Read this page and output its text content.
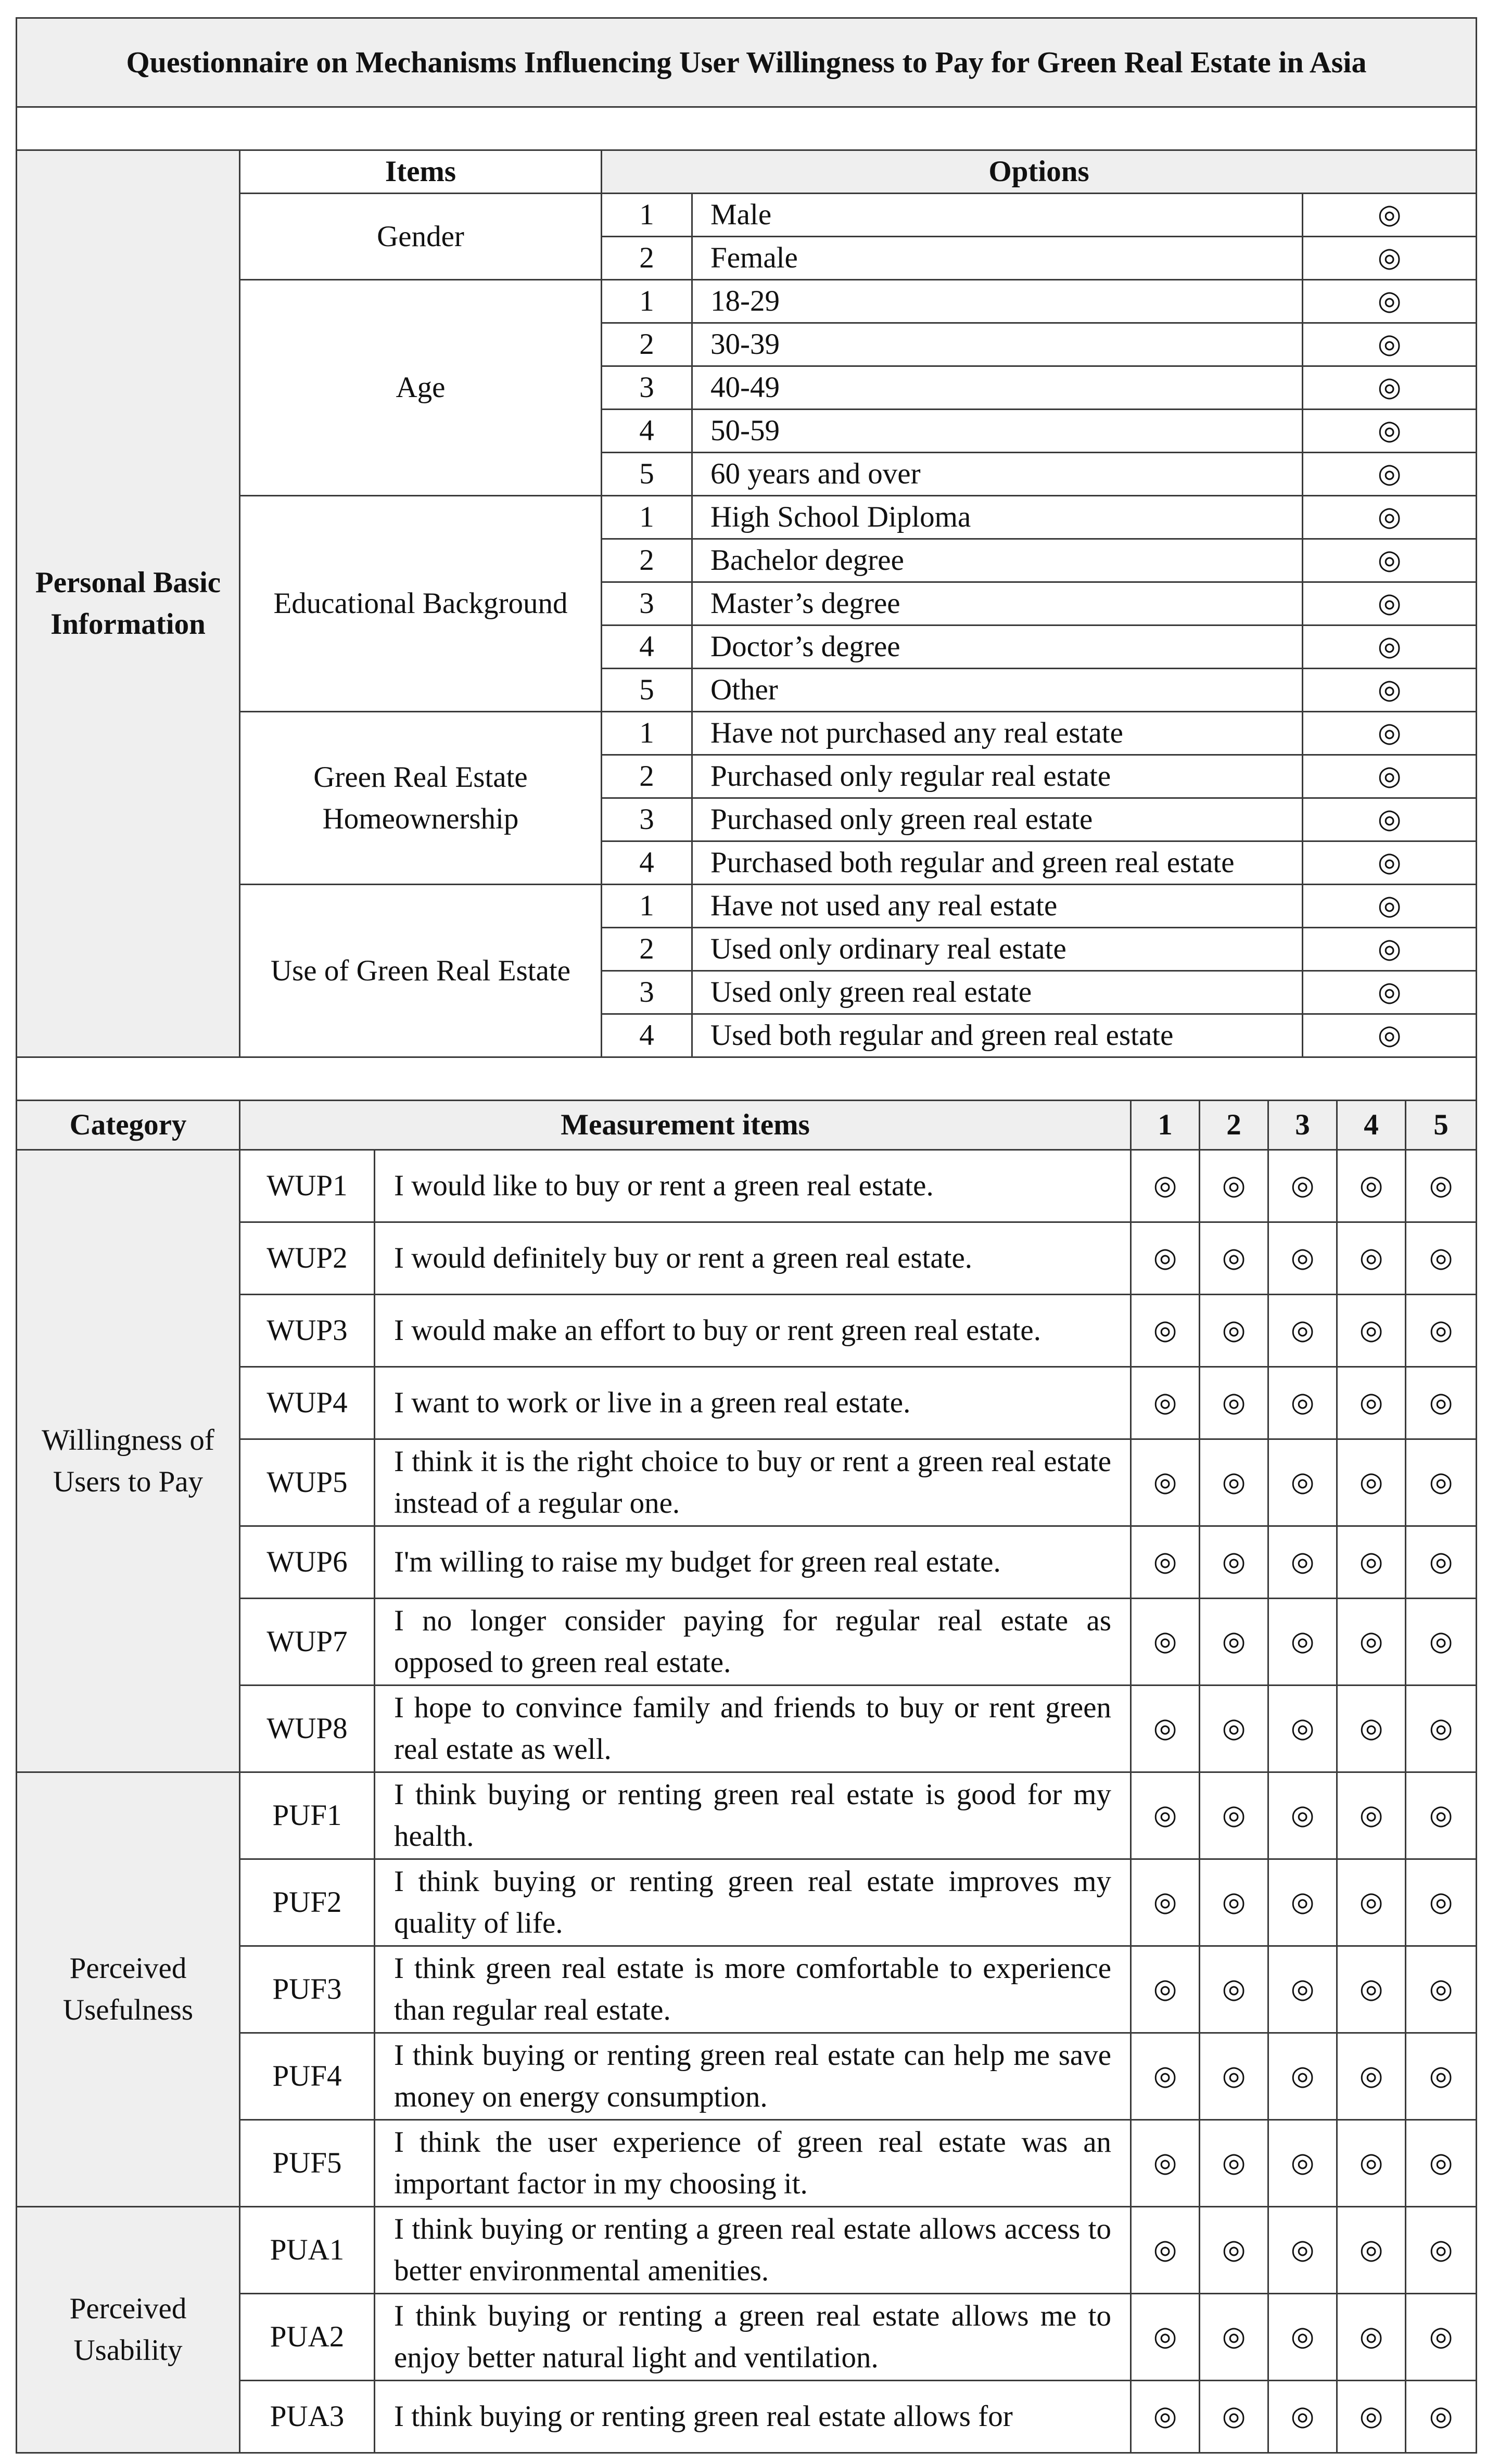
Questionnaire on Mechanisms Influencing User Willingness to Pay for Green Real Estate in Asia				

Personal Basic Information	Items	Options		
	Gender	1	Male	◎
		2	Female	◎
	Age	1	18-29	◎
		2	30-39	◎
		3	40-49	◎
		4	50-59	◎
		5	60 years and over	◎
	Educational Background	1	High School Diploma	◎
		2	Bachelor degree	◎
		3	Master’s degree	◎
		4	Doctor’s degree	◎
		5	Other	◎
	Green Real Estate Homeownership	1	Have not purchased any real estate	◎
		2	Purchased only regular real estate	◎
		3	Purchased only green real estate	◎
		4	Purchased both regular and green real estate	◎
	Use of Green Real Estate	1	Have not used any real estate	◎
		2	Used only ordinary real estate	◎
		3	Used only green real estate	◎
		4	Used both regular and green real estate	◎

Category	Measurement items		1	2	3	4	5
Willingness of Users to Pay	WUP1	I would like to buy or rent a green real estate.	◎	◎	◎	◎	◎
	WUP2	I would definitely buy or rent a green real estate.	◎	◎	◎	◎	◎
	WUP3	I would make an effort to buy or rent green real estate.	◎	◎	◎	◎	◎
	WUP4	I want to work or live in a green real estate.	◎	◎	◎	◎	◎
	WUP5	I think it is the right choice to buy or rent a green real estate instead of a regular one.	◎	◎	◎	◎	◎
	WUP6	I'm willing to raise my budget for green real estate.	◎	◎	◎	◎	◎
	WUP7	I no longer consider paying for regular real estate as opposed to green real estate.	◎	◎	◎	◎	◎
	WUP8	I hope to convince family and friends to buy or rent green real estate as well.	◎	◎	◎	◎	◎
Perceived Usefulness	PUF1	I think buying or renting green real estate is good for my health.	◎	◎	◎	◎	◎
	PUF2	I think buying or renting green real estate improves my quality of life.	◎	◎	◎	◎	◎
	PUF3	I think green real estate is more comfortable to experience than regular real estate.	◎	◎	◎	◎	◎
	PUF4	I think buying or renting green real estate can help me save money on energy consumption.	◎	◎	◎	◎	◎
	PUF5	I think the user experience of green real estate was an important factor in my choosing it.	◎	◎	◎	◎	◎
Perceived Usability	PUA1	I think buying or renting a green real estate allows access to better environmental amenities.	◎	◎	◎	◎	◎
	PUA2	I think buying or renting a green real estate allows me to enjoy better natural light and ventilation.	◎	◎	◎	◎	◎
	PUA3	I think buying or renting green real estate allows for	◎	◎	◎	◎	◎
